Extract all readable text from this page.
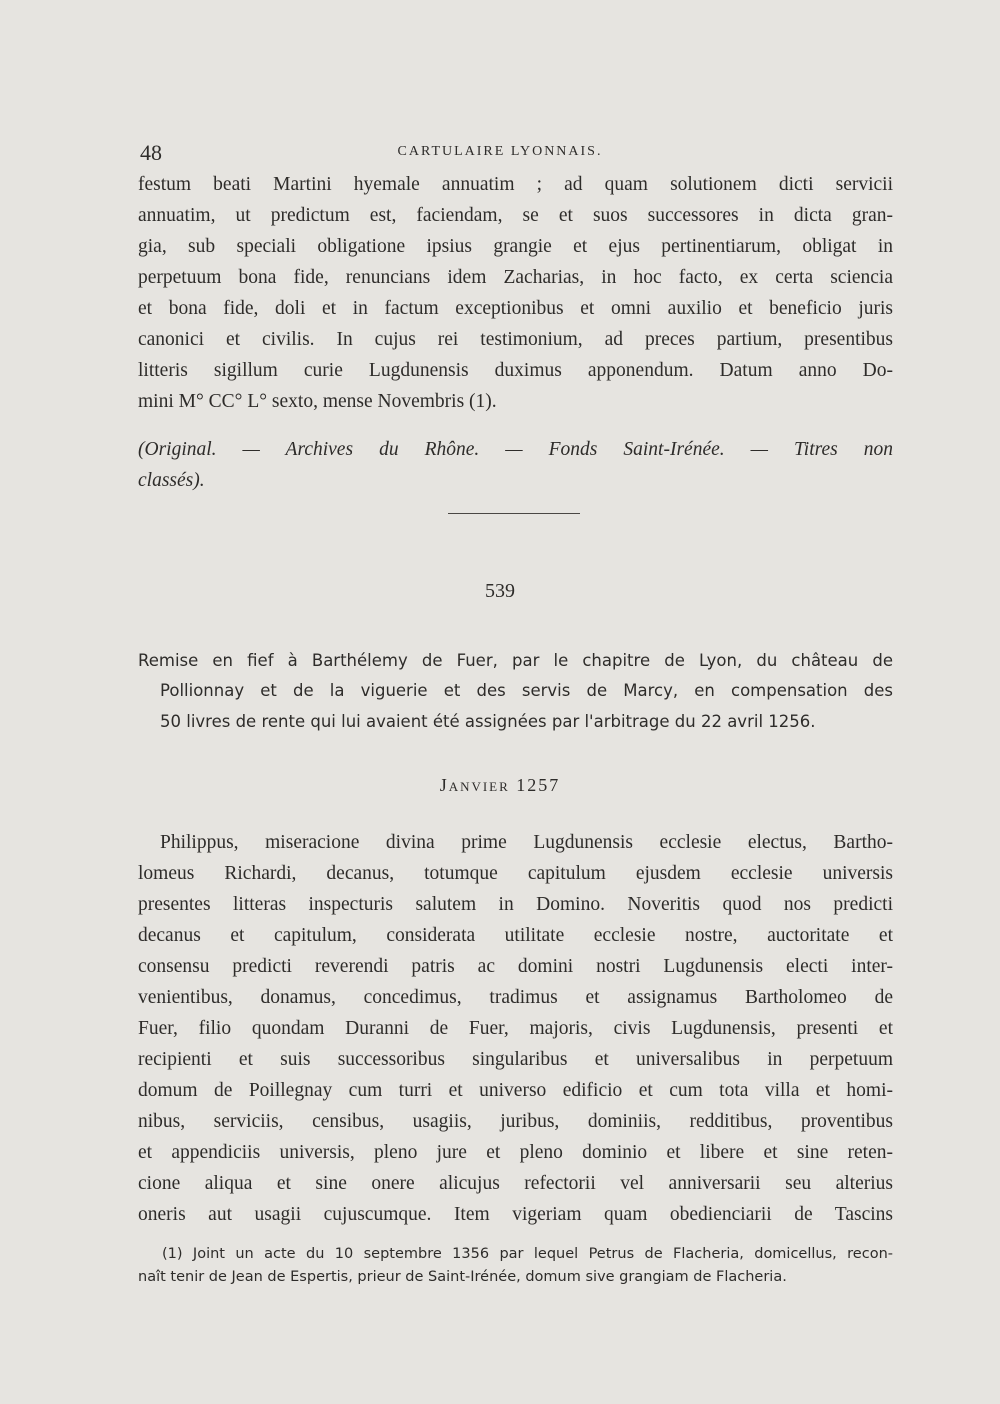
48	CARTULAIRE LYONNAIS.
festum beati Martini hyemale annuatim ; ad quam solutionem dicti servicii
annuatim, ut predictum est, faciendam, se et suos successores in dicta gran-
gia, sub speciali obligatione ipsius grangie et ejus pertinentiarum, obligat in
perpetuum bona fide, renuncians idem Zacharias, in hoc facto, ex certa sciencia
et bona fide, doli et in factum exceptionibus et omni auxilio et beneficio juris
canonici et civilis. In cujus rei testimonium, ad preces partium, presentibus
litteris sigillum curie Lugdunensis duximus apponendum. Datum anno Do-
mini M° CC° L° sexto, mense Novembris (1).
(Original. — Archives du Rhône. — Fonds Saint-Irénée. — Titres non
classés).
539
Remise en fief à Barthélemy de Fuer, par le chapitre de Lyon, du château de
Pollionnay et de la viguerie et des servis de Marcy, en compensation des
50 livres de rente qui lui avaient été assignées par l'arbitrage du 22 avril 1256.
Janvier 1257
Philippus, miseracione divina prime Lugdunensis ecclesie electus, Bartho-
lomeus Richardi, decanus, totumque capitulum ejusdem ecclesie universis
presentes litteras inspecturis salutem in Domino. Noveritis quod nos predicti
decanus et capitulum, considerata utilitate ecclesie nostre, auctoritate et
consensu predicti reverendi patris ac domini nostri Lugdunensis electi inter-
venientibus, donamus, concedimus, tradimus et assignamus Bartholomeo de
Fuer, filio quondam Duranni de Fuer, majoris, civis Lugdunensis, presenti et
recipienti et suis successoribus singularibus et universalibus in perpetuum
domum de Poillegnay cum turri et universo edificio et cum tota villa et homi-
nibus, serviciis, censibus, usagiis, juribus, dominiis, redditibus, proventibus
et appendiciis universis, pleno jure et pleno dominio et libere et sine reten-
cione aliqua et sine onere alicujus refectorii vel anniversarii seu alterius
oneris aut usagii cujuscumque. Item vigeriam quam obedienciarii de Tascins
(1) Joint un acte du 10 septembre 1356 par lequel Petrus de Flacheria, domicellus, recon-
naît tenir de Jean de Espertis, prieur de Saint-Irénée, domum sive grangiam de Flacheria.
